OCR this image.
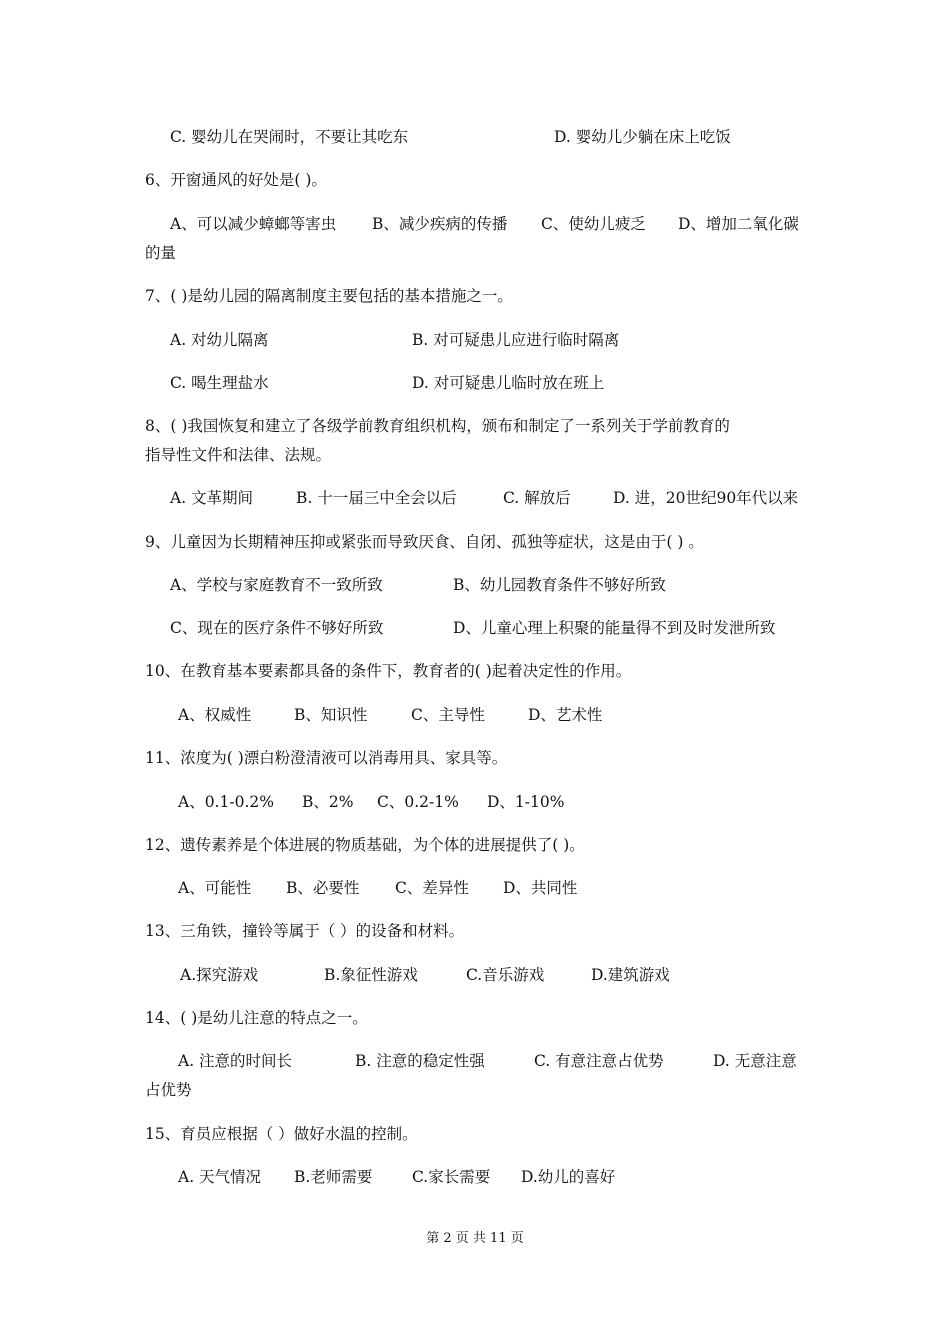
C. 婴幼儿在哭闹时，不要让其吃东	D. 婴幼儿少躺在床上吃饭
6、开窗通风的好处是( )。
A、可以减少蟑螂等害虫 B、减少疾病的传播 C、使幼儿疲乏 D、增加二氧化碳
的量
7、( )是幼儿园的隔离制度主要包括的基本措施之一。
A. 对幼儿隔离	B. 对可疑患儿应进行临时隔离
C. 喝生理盐水	D. 对可疑患儿临时放在班上
8、( )我国恢复和建立了各级学前教育组织机构，颁布和制定了一系列关于学前教育的
指导性文件和法律、法规。
A. 文革期间	B. 十一届三中全会以后	C. 解放后	D. 进，20世纪90年代以来
9、儿童因为长期精神压抑或紧张而导致厌食、自闭、孤独等症状，这是由于( ) 。
A、学校与家庭教育不一致所致	B、幼儿园教育条件不够好所致
C、现在的医疗条件不够好所致	D、儿童心理上积聚的能量得不到及时发泄所致
10、在教育基本要素都具备的条件下，教育者的( )起着决定性的作用。
A、权威性	B、知识性	C、主导性	D、艺术性
11、浓度为( )漂白粉澄清液可以消毒用具、家具等。
A、0.1-0.2% B、2% C、0.2-1% D、1-10%
12、遗传素养是个体进展的物质基础，为个体的进展提供了( )。
A、可能性 B、必要性 C、差异性 D、共同性
13、三角铁，撞铃等属于（ ）的设备和材料。
A.探究游戏	B.象征性游戏	C.音乐游戏	D.建筑游戏
14、( )是幼儿注意的特点之一。
A. 注意的时间长	B. 注意的稳定性强	C. 有意注意占优势	D. 无意注意
占优势
15、育员应根据（ ）做好水温的控制。
A. 天气情况 B.老师需要	C.家长需要 D.幼儿的喜好
第 2 页 共 11 页
